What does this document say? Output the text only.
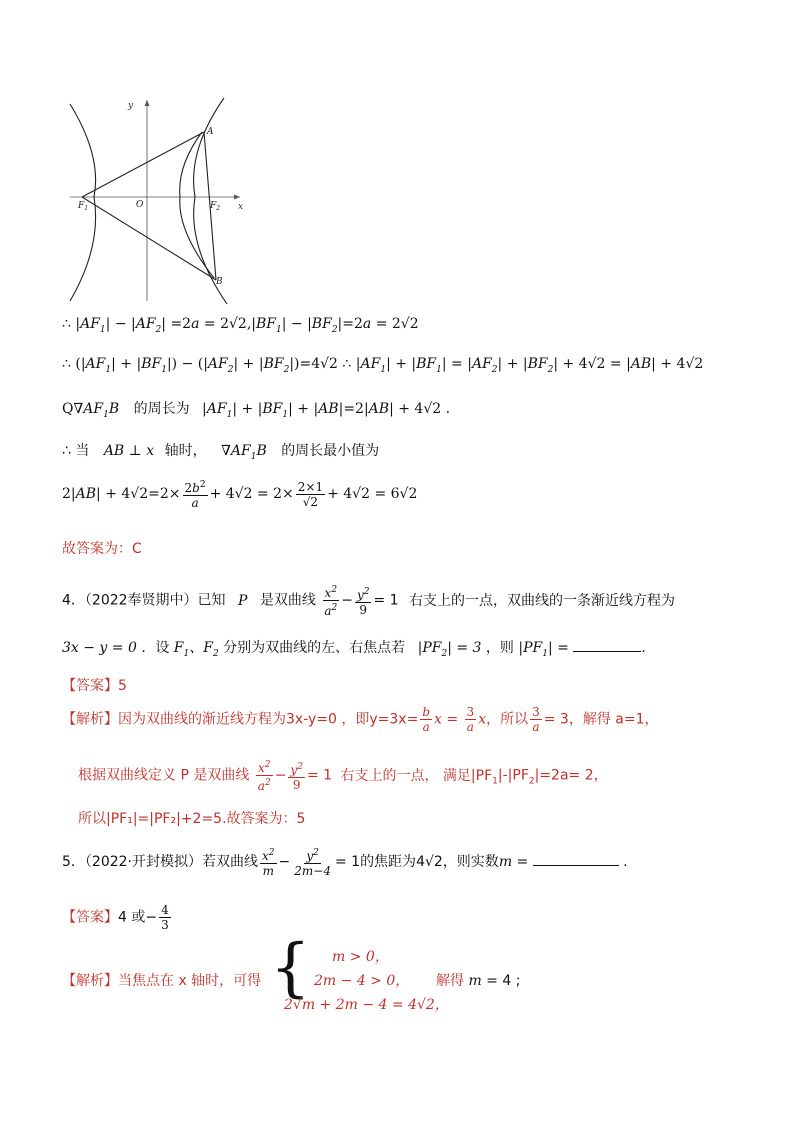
y
x
A
B
O
$F_1$	$F_2$
∴ $|AF_1| - |AF_2| =2a = 2√2,|BF_1| - |BF_2|=2a = 2√2$
∴ $(|AF_1| + |BF_1|) - (|AF_2| + |BF_2|)=4√2$ ∴ $|AF_1| + |BF_1| = |AF_2| + |BF_2| + 4√2 = |AB| + 4√2$
$Q\nabla AF_1B$ 的周长为 $|AF_1| + |BF_1| + |AB|=2|AB| + 4√2$ .
∴ 当 AB ⊥ x 轴时， $\nabla AF_1B$ 的周长最小值为
$2|AB| + 4√2=2\times \frac{2b^2}{a} + 4√2 = 2\times \frac{2\times 1}{√2} + 4√2 = 6√2$
故答案为：C
4．（2022奉贤期中）已知 P 是双曲线 $\frac{x^2}{a^2} - \frac{y^2}{9} = 1$ 右支上的一点，双曲线的一条渐近线方程为
3x − y = 0 ．设 $F_1$、$F_2$ 分别为双曲线的左、右焦点若 $|PF_2| = 3$ ，则 $|PF_1|$ =	.
【答案】5
【解析】因为双曲线的渐近线方程为3x-y=0 ，即$y=3x= \frac{b}{a}$ $x = \frac{3}{a}$ x，所以 $\frac{3}{a} = 3$，解得 a=1，
根据双曲线定义 P 是双曲线 $\frac{x^2}{a^2} - \frac{y^2}{9} = 1$ 右支上的一点， 满足$|PF_1|-|PF_2|=2a= 2$，
所以|PF₁|=|PF₂|+2=5.故答案为：5
5．（2022·开封模拟）若双曲线 $\frac{x^2}{m} - \frac{y^2}{2m-4} = 1$的焦距为4√2，则实数m =	.
【答案】4 或− $\frac{4}{3}$
【解析】当焦点在 x 轴时，可得 { m > 0，
2m − 4 > 0，
2√m + 2m − 4 = 4√2，
解得 m = 4 ;
